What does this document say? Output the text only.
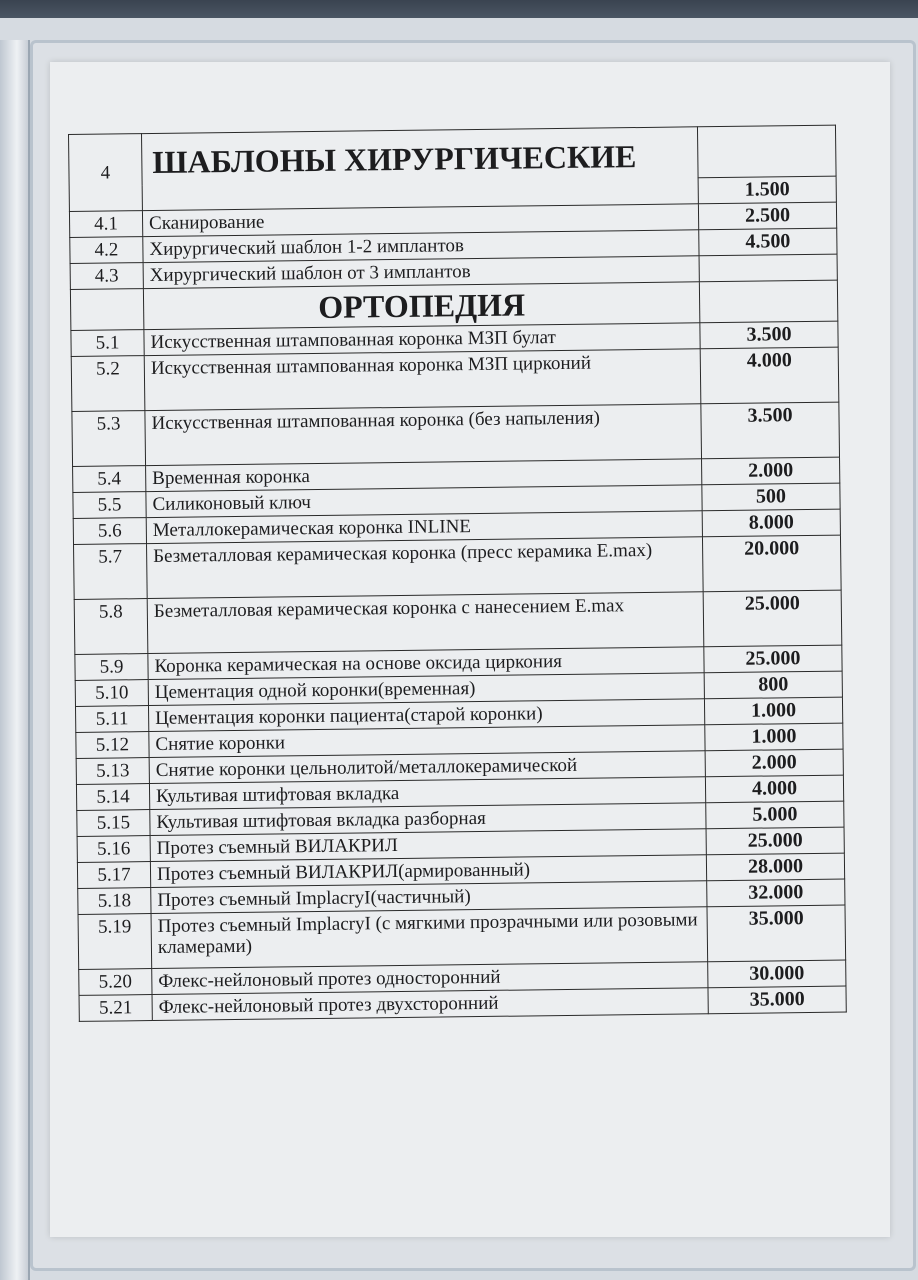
4	ШАБЛОНЫ ХИРУРГИЧЕСКИЕ	
		1.500
4.1	Сканирование	2.500
4.2	Хирургический шаблон 1-2 имплантов	4.500
4.3	Хирургический шаблон от 3 имплантов	
	ОРТОПЕДИЯ	
5.1	Искусственная штампованная коронка МЗП булат	3.500
5.2	Искусственная штампованная коронка МЗП цирконий	4.000
5.3	Искусственная штампованная коронка (без напыления)	3.500
5.4	Временная коронка	2.000
5.5	Силиконовый ключ	500
5.6	Металлокерамическая коронка INLINE	8.000
5.7	Безметалловая керамическая коронка (пресс керамика E.max)	20.000
5.8	Безметалловая керамическая коронка с нанесением E.max	25.000
5.9	Коронка керамическая на основе оксида циркония	25.000
5.10	Цементация одной коронки(временная)	800
5.11	Цементация коронки пациента(старой коронки)	1.000
5.12	Снятие коронки	1.000
5.13	Снятие коронки цельнолитой/металлокерамической	2.000
5.14	Культивая штифтовая вкладка	4.000
5.15	Культивая штифтовая вкладка разборная	5.000
5.16	Протез съемный ВИЛАКРИЛ	25.000
5.17	Протез съемный ВИЛАКРИЛ(армированный)	28.000
5.18	Протез съемный ImplacryI(частичный)	32.000
5.19	Протез съемный ImplacryI (с мягкими прозрачными или розовыми кламерами)	35.000
5.20	Флекс-нейлоновый протез односторонний	30.000
5.21	Флекс-нейлоновый протез двухсторонний	35.000
